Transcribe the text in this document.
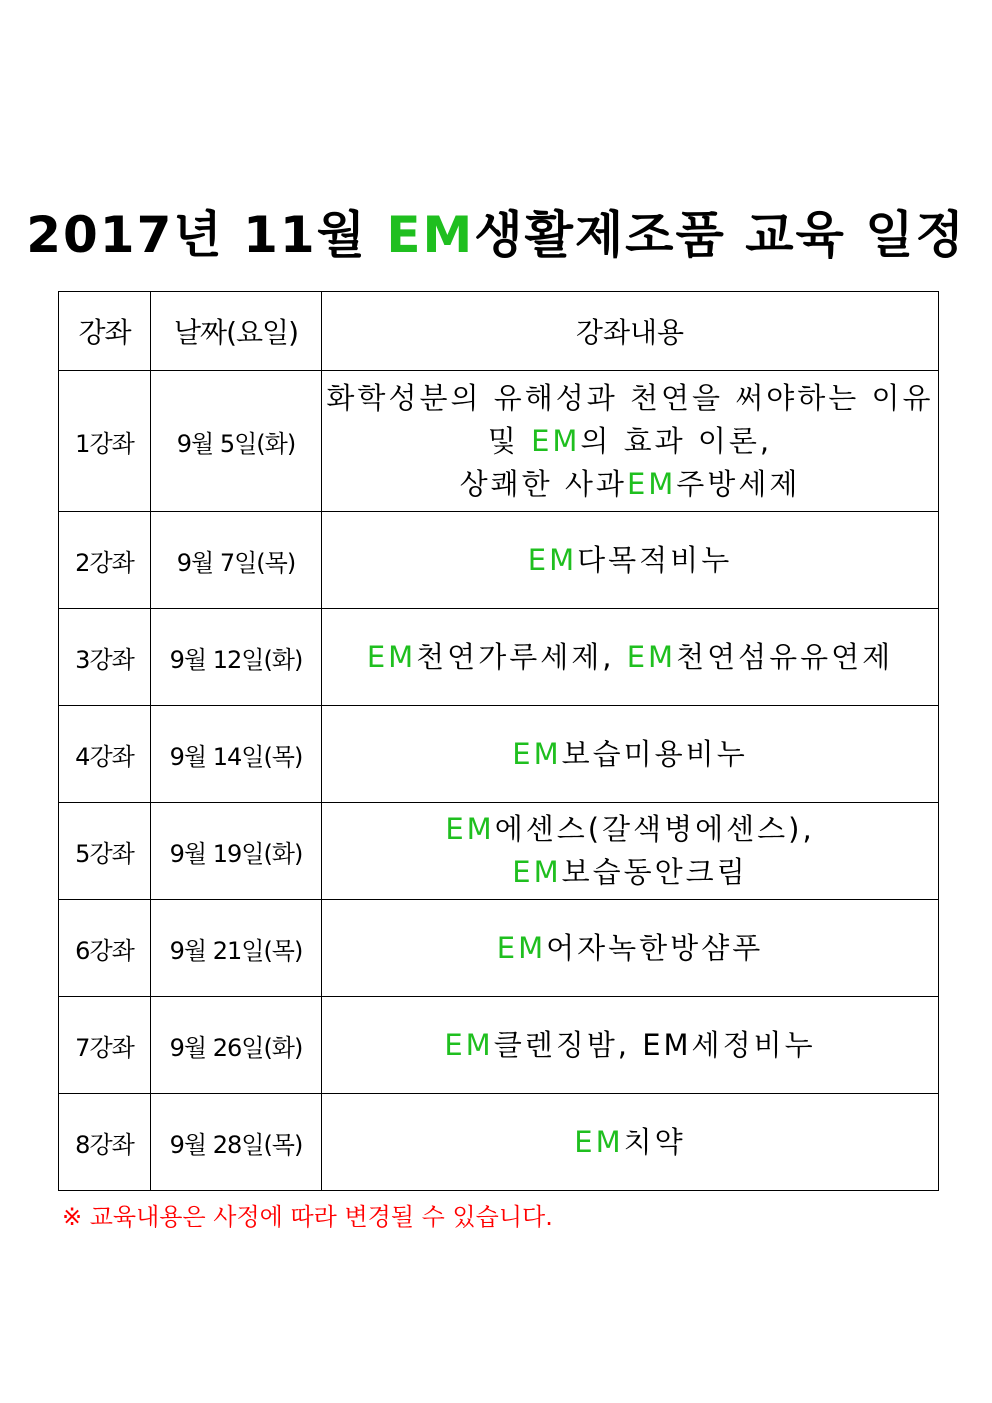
2017년 11월 EM생활제조품 교육 일정
강좌	날짜(요일)	강좌내용
1강좌	9월 5일(화)	화학성분의 유해성과 천연을 써야하는 이유
및 EM의 효과 이론,
상쾌한 사과EM주방세제

2강좌	9월 7일(목)	EM다목적비누

3강좌	9월 12일(화)	EM천연가루세제, EM천연섬유유연제

4강좌	9월 14일(목)	EM보습미용비누

5강좌	9월 19일(화)	EM에센스(갈색병에센스),
EM보습동안크림

6강좌	9월 21일(목)	EM어자녹한방샴푸

7강좌	9월 26일(화)	EM클렌징밤, EM세정비누

8강좌	9월 28일(목)	EM치약
※ 교육내용은 사정에 따라 변경될 수 있습니다.
